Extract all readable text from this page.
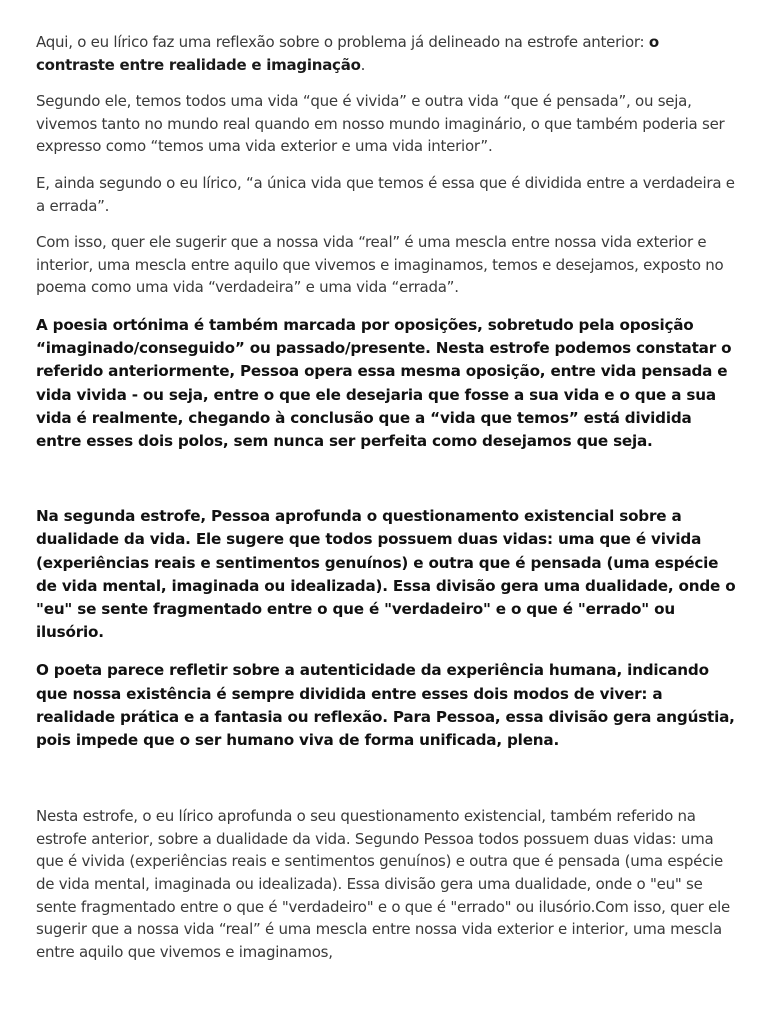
Aqui, o eu lírico faz uma reflexão sobre o problema já delineado na estrofe anterior: o contraste entre realidade e imaginação.

Segundo ele, temos todos uma vida “que é vivida” e outra vida “que é pensada”, ou seja, vivemos tanto no mundo real quando em nosso mundo imaginário, o que também poderia ser expresso como “temos uma vida exterior e uma vida interior”.

E, ainda segundo o eu lírico, “a única vida que temos é essa que é dividida entre a verdadeira e a errada”.

Com isso, quer ele sugerir que a nossa vida “real” é uma mescla entre nossa vida exterior e interior, uma mescla entre aquilo que vivemos e imaginamos, temos e desejamos, exposto no poema como uma vida “verdadeira” e uma vida “errada”.

A poesia ortónima é também marcada por oposições, sobretudo pela oposição “imaginado/conseguido” ou passado/presente. Nesta estrofe podemos constatar o referido anteriormente, Pessoa opera essa mesma oposição, entre vida pensada e vida vivida - ou seja, entre o que ele desejaria que fosse a sua vida e o que a sua vida é realmente, chegando à conclusão que a “vida que temos” está dividida entre esses dois polos, sem nunca ser perfeita como desejamos que seja.

Na segunda estrofe, Pessoa aprofunda o questionamento existencial sobre a dualidade da vida. Ele sugere que todos possuem duas vidas: uma que é vivida (experiências reais e sentimentos genuínos) e outra que é pensada (uma espécie de vida mental, imaginada ou idealizada). Essa divisão gera uma dualidade, onde o "eu" se sente fragmentado entre o que é "verdadeiro" e o que é "errado" ou ilusório.

O poeta parece refletir sobre a autenticidade da experiência humana, indicando que nossa existência é sempre dividida entre esses dois modos de viver: a realidade prática e a fantasia ou reflexão. Para Pessoa, essa divisão gera angústia, pois impede que o ser humano viva de forma unificada, plena.

Nesta estrofe, o eu lírico aprofunda o seu questionamento existencial, também referido na estrofe anterior, sobre a dualidade da vida. Segundo Pessoa todos possuem duas vidas: uma que é vivida (experiências reais e sentimentos genuínos) e outra que é pensada (uma espécie de vida mental, imaginada ou idealizada). Essa divisão gera uma dualidade, onde o "eu" se sente fragmentado entre o que é "verdadeiro" e o que é "errado" ou ilusório.Com isso, quer ele sugerir que a nossa vida “real” é uma mescla entre nossa vida exterior e interior, uma mescla entre aquilo que vivemos e imaginamos,
